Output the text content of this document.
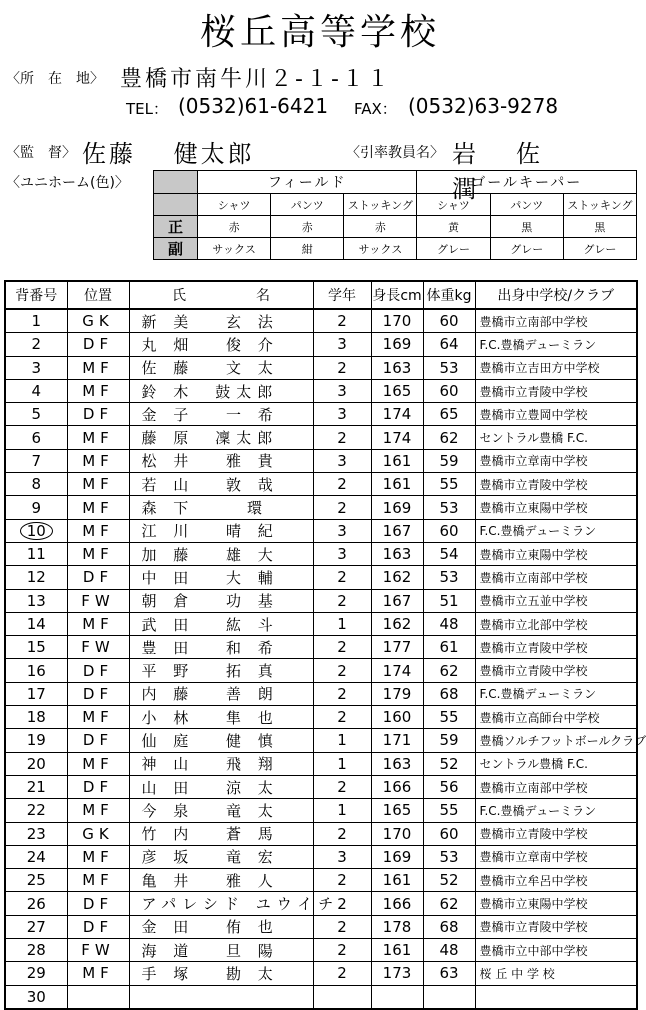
桜丘高等学校
〈所　在　地〉 豊橋市南牛川２-１-１１
TEL： (0532)61-6421 FAX： (0532)63-9278
〈監　督〉 佐藤　 健太郎	〈引率教員名〉 岩　佐　　潤
〈ユニホーム(色)〉
		フィールド			ゴールキーパー		
	シャツ	パンツ	ストッキング	シャツ	パンツ	ストッキング
正	赤	赤	赤	黄	黒	黒
副	サックス	紺	サックス	グレー	グレー	グレー
背番号	位置	氏　　　　　名	学年	身長cm	体重kg	出身中学校/クラブ
1	GK	新 美　 玄 法	2	170	60	豊橋市立南部中学校
2	DF	丸 畑　 俊 介	3	169	64	F.C.豊橋デューミラン
3	MF	佐 藤　 文 太	2	163	53	豊橋市立吉田方中学校
4	MF	鈴 木　鼓太郎	3	165	60	豊橋市立青陵中学校
5	DF	金 子　 一 希	3	174	65	豊橋市立豊岡中学校
6	MF	藤 原　凜太郎	2	174	62	セントラル豊橋 F.C.
7	MF	松 井　 雅 貴	3	161	59	豊橋市立章南中学校
8	MF	若 山　 敦 哉	2	161	55	豊橋市立青陵中学校
9	MF	森 下　　 環	2	169	53	豊橋市立東陽中学校
10	MF	江 川　 晴 紀	3	167	60	F.C.豊橋デューミラン
11	MF	加 藤　 雄 大	3	163	54	豊橋市立東陽中学校
12	DF	中 田　 大 輔	2	162	53	豊橋市立南部中学校
13	FW	朝 倉　 功 基	2	167	51	豊橋市立五並中学校
14	MF	武 田　 紘 斗	1	162	48	豊橋市立北部中学校
15	FW	豊 田　 和 希	2	177	61	豊橋市立青陵中学校
16	DF	平 野　 拓 真	2	174	62	豊橋市立青陵中学校
17	DF	内 藤　 善 朗	2	179	68	F.C.豊橋デューミラン
18	MF	小 林　 隼 也	2	160	55	豊橋市立高師台中学校
19	DF	仙 庭　 健 慎	1	171	59	豊橋ソルチフットボールクラブ
20	MF	神 山　 飛 翔	1	163	52	セントラル豊橋 F.C.
21	DF	山 田　 涼 太	2	166	56	豊橋市立南部中学校
22	MF	今 泉　 竜 太	1	165	55	F.C.豊橋デューミラン
23	GK	竹 内　 蒼 馬	2	170	60	豊橋市立青陵中学校
24	MF	彦 坂　 竜 宏	3	169	53	豊橋市立章南中学校
25	MF	亀 井　 雅 人	2	161	52	豊橋市立牟呂中学校
26	DF	アパレシド ユウイチ	2	166	62	豊橋市立東陽中学校
27	DF	金 田　 侑 也	2	178	68	豊橋市立青陵中学校
28	FW	海 道　 旦 陽	2	161	48	豊橋市立中部中学校
29	MF	手 塚　 勘 太	2	173	63	桜 丘 中 学 校
30						
